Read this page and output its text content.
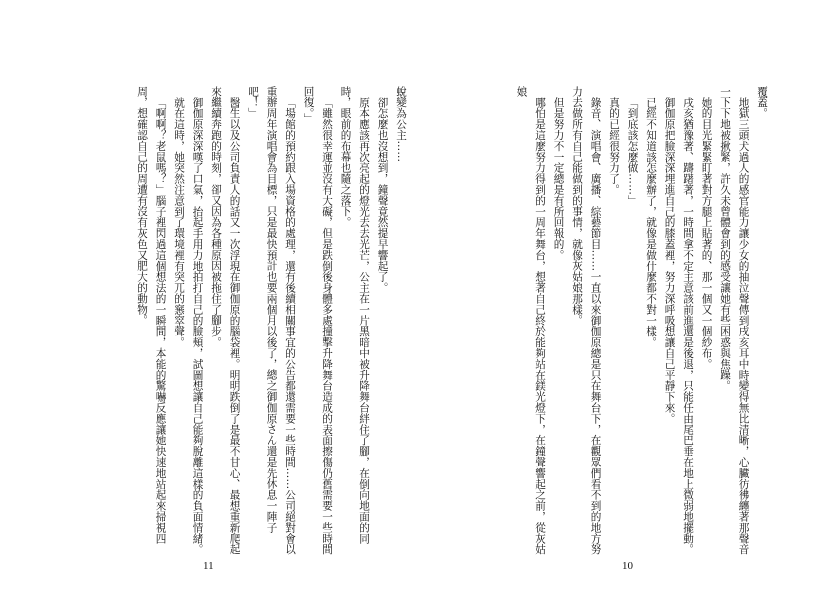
覆蓋。

地獄三頭犬過人的感官能力讓少女的抽泣聲傳到戌亥耳中時變得無比清晰，心臟彷彿纏著那聲音一下下地被揪緊，許久未曾體會到的感受讓她有些困惑與焦躁。

她的目光緊緊盯著對方腿上貼著的、那一個又一個紗布。

戌亥猶豫著、躊躇著，一時間拿不定主意該前進還是後退，只能任由尾巴垂在地上微弱地擺動。

御伽原把臉深深埋進自己的膝蓋裡，努力深呼吸想讓自己平靜下來。

已經不知道該怎麼辦了，就像是做什麼都不對一樣。

「到底該怎麼做……」

真的已經很努力了。

錄音、演唱會、廣播、綜藝節目……一直以來御伽原總是只在舞台下，在觀眾們看不到的地方努力去做所有自己能做到的事情，就像灰姑娘那樣。

但是努力不一定總是有所回報的。

哪怕是這麼努力得到的一周年舞台，想著自己終於能夠站在鎂光燈下，在鐘聲響起之前，從灰姑娘

10

蛻變為公主……

卻怎麼也沒想到，鐘聲竟然提早響起了。

原本應該再次亮起的燈光去去光芒，公主在一片黑暗中被升降舞台絆住了腳，在倒向地面的同時，眼前的布幕也隨之落下。

「雖然很幸運並沒有大礙，但是跌倒後身體多處撞擊升降舞台造成的表面擦傷仍舊需要一些時間回復。」

「場館的預約跟入場資格的處理，還有後續相關事宜的公告都還需要一些時間……公司絕對會以重辦周年演唱會為目標，只是最快預計也要兩個月以後了，總之御伽原さん還是先休息一陣子吧！」

醫生以及公司負責人的話又一次浮現在御伽原的腦袋裡。明明跌倒了是最不甘心、最想重新爬起來繼續奔跑的時刻，卻又因為各種原因被拖住了腳步。

御伽原深深嘆了口氣，抬起手用力地拍打自己的臉頰，試圖想讓自己能夠脫離這樣的負面情緒。

就在這時，她突然注意到了環境裡有突兀的窸窣聲。

「啊啊？老鼠嗎？」腦子裡閃過這個想法的一瞬間，本能的驚嚇反應讓她快速地站起來掃視四周，想確認自己的周遭有沒有灰色又肥大的動物。

11
